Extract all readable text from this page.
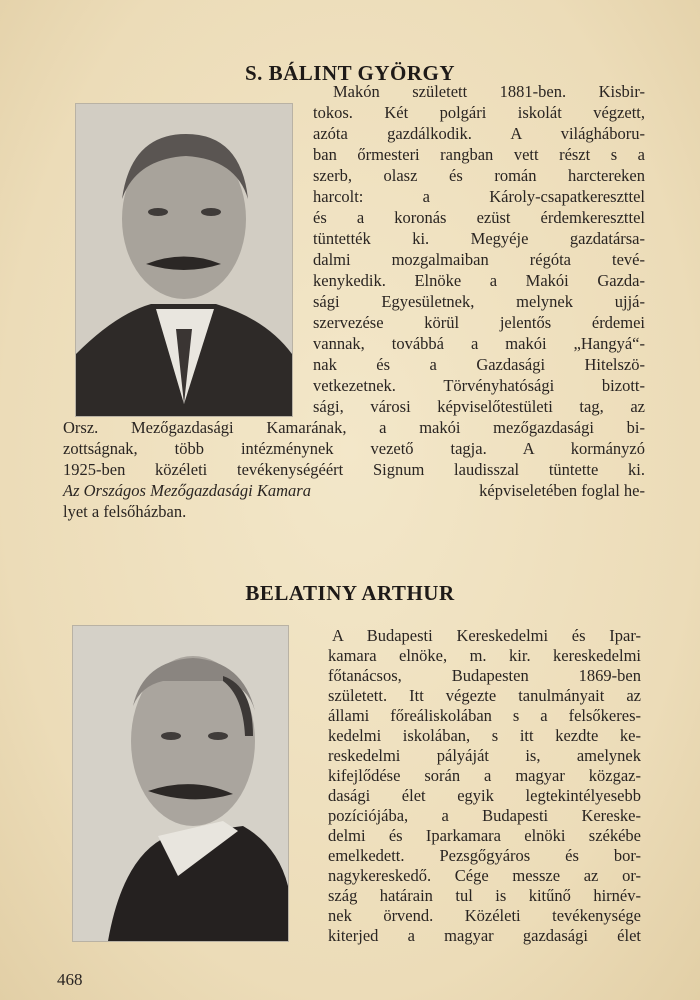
S. BÁLINT GYÖRGY
Makón született 1881-ben. Kisbir-
tokos. Két polgári iskolát végzett,
azóta gazdálkodik. A világháboru-
ban őrmesteri rangban vett részt s a
szerb, olasz és román harctereken
harcolt: a Károly-csapatkereszttel
és a koronás ezüst érdemkereszttel
tüntették ki. Megyéje gazdatársa-
dalmi mozgalmaiban régóta tevé-
kenykedik. Elnöke a Makói Gazda-
sági Egyesületnek, melynek ujjá-
szervezése körül jelentős érdemei
vannak, továbbá a makói „Hangyá“-
nak és a Gazdasági Hitelszö-
vetkezetnek. Törvényhatósági bizott-
sági, városi képviselőtestületi tag, az
Orsz. Mezőgazdasági Kamarának, a makói mezőgazdasági bi-
zottságnak, több intézménynek vezető tagja. A kormányzó
1925-ben közéleti tevékenységéért Signum laudisszal tüntette ki.
Az Országos Mezőgazdasági Kamara	képviseletében foglal he-
lyet a felsőházban.
BELATINY ARTHUR
A Budapesti Kereskedelmi és Ipar-
kamara elnöke, m. kir. kereskedelmi
főtanácsos, Budapesten 1869-ben
született. Itt végezte tanulmányait az
állami főreáliskolában s a felsőkeres-
kedelmi iskolában, s itt kezdte ke-
reskedelmi pályáját is, amelynek
kifejlődése során a magyar közgaz-
dasági élet egyik legtekintélyesebb
pozíciójába, a Budapesti Kereske-
delmi és Iparkamara elnöki székébe
emelkedett. Pezsgőgyáros és bor-
nagykereskedő. Cége messze az or-
szág határain tul is kitűnő hirnév-
nek örvend. Közéleti tevékenysége
kiterjed a magyar gazdasági élet
468
